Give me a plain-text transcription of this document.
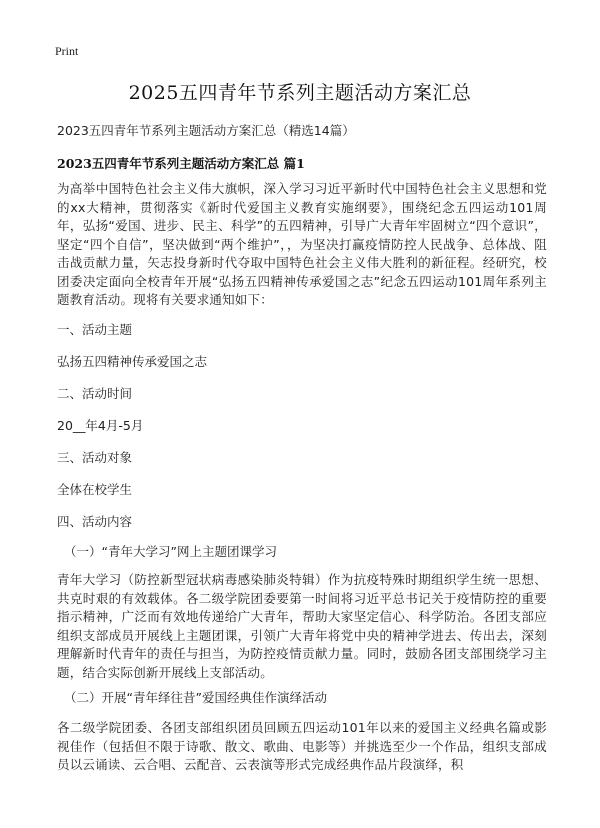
Print
2025五四青年节系列主题活动方案汇总
2023五四青年节系列主题活动方案汇总（精选14篇）
2023五四青年节系列主题活动方案汇总 篇1
为高举中国特色社会主义伟大旗帜，深入学习习近平新时代中国特色社会主义思想和党的xx大精神，贯彻落实《新时代爱国主义教育实施纲要》，围绕纪念五四运动101周年，弘扬“爱国、进步、民主、科学”的五四精神，引导广大青年牢固树立“四个意识”，坚定“四个自信”，坚决做到“两个维护”，，为坚决打赢疫情防控人民战争、总体战、阻击战贡献力量，矢志投身新时代夺取中国特色社会主义伟大胜利的新征程。经研究，校团委决定面向全校青年开展“弘扬五四精神传承爱国之志”纪念五四运动101周年系列主题教育活动。现将有关要求通知如下：
一、活动主题
弘扬五四精神传承爱国之志
二、活动时间
20__年4月-5月
三、活动对象
全体在校学生
四、活动内容
（一）“青年大学习”网上主题团课学习
青年大学习（防控新型冠状病毒感染肺炎特辑）作为抗疫特殊时期组织学生统一思想、共克时艰的有效载体。各二级学院团委要第一时间将习近平总书记关于疫情防控的重要指示精神，广泛而有效地传递给广大青年，帮助大家坚定信心、科学防治。各团支部应组织支部成员开展线上主题团课，引领广大青年将党中央的精神学进去、传出去，深刻理解新时代青年的责任与担当，为防控疫情贡献力量。同时，鼓励各团支部围绕学习主题，结合实际创新开展线上支部活动。
（二）开展“青年绎往昔”爱国经典佳作演绎活动
各二级学院团委、各团支部组织团员回顾五四运动101年以来的爱国主义经典名篇或影视佳作（包括但不限于诗歌、散文、歌曲、电影等）并挑选至少一个作品，组织支部成员以云诵读、云合唱、云配音、云表演等形式完成经典作品片段演绎，积
